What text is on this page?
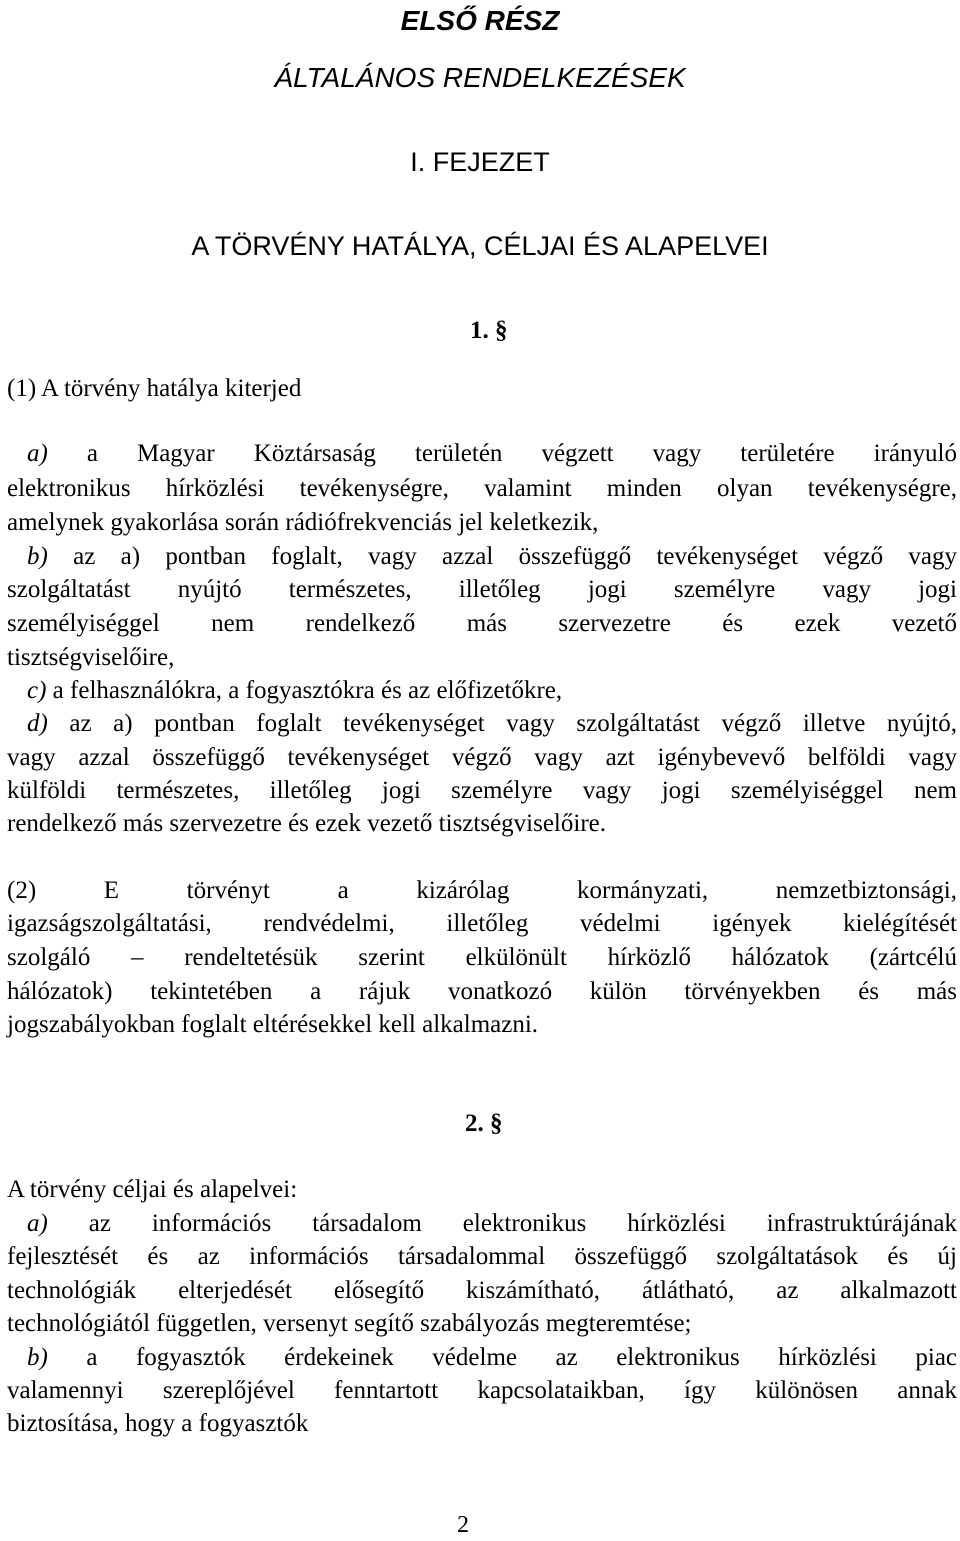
ELSŐ RÉSZ
ÁLTALÁNOS RENDELKEZÉSEK
I. FEJEZET
A TÖRVÉNY HATÁLYA, CÉLJAI ÉS ALAPELVEI
1. §
(1) A törvény hatálya kiterjed
a) a Magyar Köztársaság területén végzett vagy területére irányuló
elektronikus hírközlési tevékenységre, valamint minden olyan tevékenységre,
amelynek gyakorlása során rádiófrekvenciás jel keletkezik,
b) az a) pontban foglalt, vagy azzal összefüggő tevékenységet végző vagy
szolgáltatást nyújtó természetes, illetőleg jogi személyre vagy jogi
személyiséggel nem rendelkező más szervezetre és ezek vezető
tisztségviselőire,
c) a felhasználókra, a fogyasztókra és az előfizetőkre,
d) az a) pontban foglalt tevékenységet vagy szolgáltatást végző illetve nyújtó,
vagy azzal összefüggő tevékenységet végző vagy azt igénybevevő belföldi vagy
külföldi természetes, illetőleg jogi személyre vagy jogi személyiséggel nem
rendelkező más szervezetre és ezek vezető tisztségviselőire.
(2) E törvényt a kizárólag kormányzati, nemzetbiztonsági,
igazságszolgáltatási, rendvédelmi, illetőleg védelmi igények kielégítését
szolgáló – rendeltetésük szerint elkülönült hírközlő hálózatok (zártcélú
hálózatok) tekintetében a rájuk vonatkozó külön törvényekben és más
jogszabályokban foglalt eltérésekkel kell alkalmazni.
2. §
A törvény céljai és alapelvei:
a) az információs társadalom elektronikus hírközlési infrastruktúrájának
fejlesztését és az információs társadalommal összefüggő szolgáltatások és új
technológiák elterjedését elősegítő kiszámítható, átlátható, az alkalmazott
technológiától független, versenyt segítő szabályozás megteremtése;
b) a fogyasztók érdekeinek védelme az elektronikus hírközlési piac
valamennyi szereplőjével fenntartott kapcsolataikban, így különösen annak
biztosítása, hogy a fogyasztók
2
